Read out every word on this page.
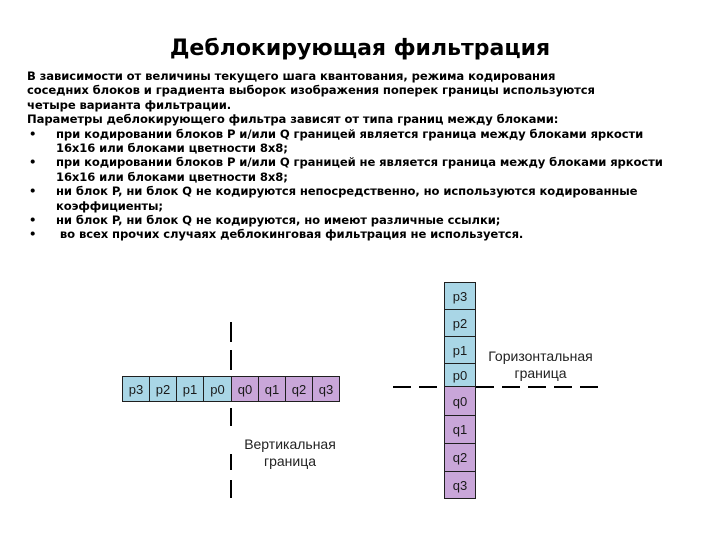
Деблокирующая фильтрация

В зависимости от величины текущего шага квантования, режима кодирования

соседних блоков и градиента выборок изображения поперек границы используются

четыре варианта фильтрации.

Параметры деблокирующего фильтра зависят от типа границ между блоками:

• при кодировании блоков P и/или Q границей является граница между блоками яркости
16x16 или блоками цветности 8x8;
• при кодировании блоков P и/или Q границей не является граница между блоками яркости
16x16 или блоками цветности 8x8;
• ни блок P, ни блок Q не кодируются непосредственно, но используются кодированные
коэффициенты;
• ни блок P, ни блок Q не кодируются, но имеют различные ссылки;
•  во всех прочих случаях деблокинговая фильтрация не используется.
p3 p2 p1	p0	q0 q1 q2 q3
Вертикальная
граница
p3
p2
p1
p0
q0
q1
q2
q3
Горизонтальная
граница
